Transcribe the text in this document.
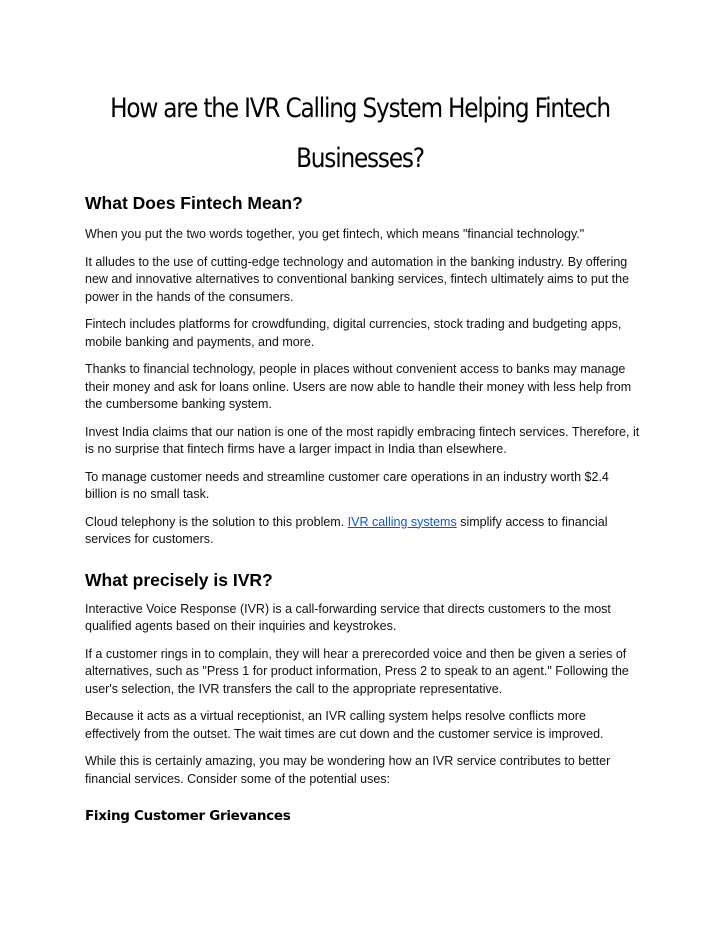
How are the IVR Calling System Helping Fintech
Businesses?
What Does Fintech Mean?

When you put the two words together, you get fintech, which means "financial technology."

It alludes to the use of cutting-edge technology and automation in the banking industry. By offering new and innovative alternatives to conventional banking services, fintech ultimately aims to put the power in the hands of the consumers.

Fintech includes platforms for crowdfunding, digital currencies, stock trading and budgeting apps, mobile banking and payments, and more.

Thanks to financial technology, people in places without convenient access to banks may manage their money and ask for loans online. Users are now able to handle their money with less help from the cumbersome banking system.

Invest India claims that our nation is one of the most rapidly embracing fintech services. Therefore, it is no surprise that fintech firms have a larger impact in India than elsewhere.

To manage customer needs and streamline customer care operations in an industry worth $2.4 billion is no small task.

Cloud telephony is the solution to this problem. IVR calling systems simplify access to financial services for customers.

What precisely is IVR?

Interactive Voice Response (IVR) is a call-forwarding service that directs customers to the most qualified agents based on their inquiries and keystrokes.

If a customer rings in to complain, they will hear a prerecorded voice and then be given a series of alternatives, such as "Press 1 for product information, Press 2 to speak to an agent." Following the user's selection, the IVR transfers the call to the appropriate representative.

Because it acts as a virtual receptionist, an IVR calling system helps resolve conflicts more effectively from the outset. The wait times are cut down and the customer service is improved.

While this is certainly amazing, you may be wondering how an IVR service contributes to better financial services. Consider some of the potential uses:

Fixing Customer Grievances
